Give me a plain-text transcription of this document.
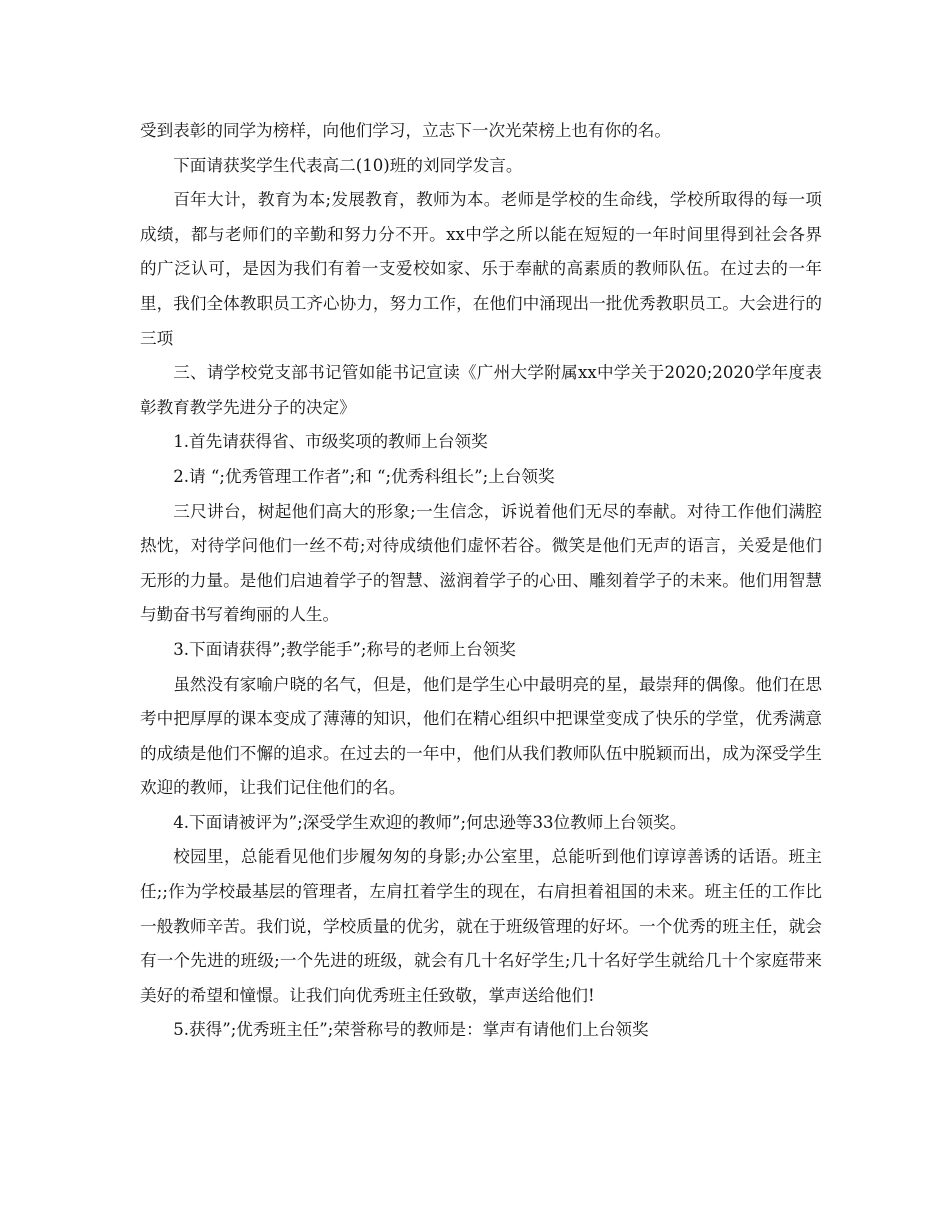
受到表彰的同学为榜样，向他们学习，立志下一次光荣榜上也有你的名。

下面请获奖学生代表高二(10)班的刘同学发言。

百年大计，教育为本;发展教育，教师为本。老师是学校的生命线，学校所取得的每一项成绩，都与老师们的辛勤和努力分不开。xx中学之所以能在短短的一年时间里得到社会各界的广泛认可，是因为我们有着一支爱校如家、乐于奉献的高素质的教师队伍。在过去的一年里，我们全体教职员工齐心协力，努力工作，在他们中涌现出一批优秀教职员工。大会进行的三项

三、请学校党支部书记管如能书记宣读《广州大学附属xx中学关于2020;2020学年度表彰教育教学先进分子的决定》

1.首先请获得省、市级奖项的教师上台领奖

2.请 “;优秀管理工作者”;和 “;优秀科组长”;上台领奖

三尺讲台，树起他们高大的形象;一生信念，诉说着他们无尽的奉献。对待工作他们满腔热忱，对待学问他们一丝不苟;对待成绩他们虚怀若谷。微笑是他们无声的语言，关爱是他们无形的力量。是他们启迪着学子的智慧、滋润着学子的心田、雕刻着学子的未来。他们用智慧与勤奋书写着绚丽的人生。

3.下面请获得”;教学能手”;称号的老师上台领奖

虽然没有家喻户晓的名气，但是，他们是学生心中最明亮的星，最崇拜的偶像。他们在思考中把厚厚的课本变成了薄薄的知识，他们在精心组织中把课堂变成了快乐的学堂，优秀满意的成绩是他们不懈的追求。在过去的一年中，他们从我们教师队伍中脱颖而出，成为深受学生欢迎的教师，让我们记住他们的名。

4.下面请被评为”;深受学生欢迎的教师”;何忠逊等33位教师上台领奖。

校园里，总能看见他们步履匆匆的身影;办公室里，总能听到他们谆谆善诱的话语。班主任;;作为学校最基层的管理者，左肩扛着学生的现在，右肩担着祖国的未来。班主任的工作比一般教师辛苦。我们说，学校质量的优劣，就在于班级管理的好坏。一个优秀的班主任，就会有一个先进的班级;一个先进的班级，就会有几十名好学生;几十名好学生就给几十个家庭带来美好的希望和憧憬。让我们向优秀班主任致敬，掌声送给他们!

5.获得”;优秀班主任”;荣誉称号的教师是：掌声有请他们上台领奖
